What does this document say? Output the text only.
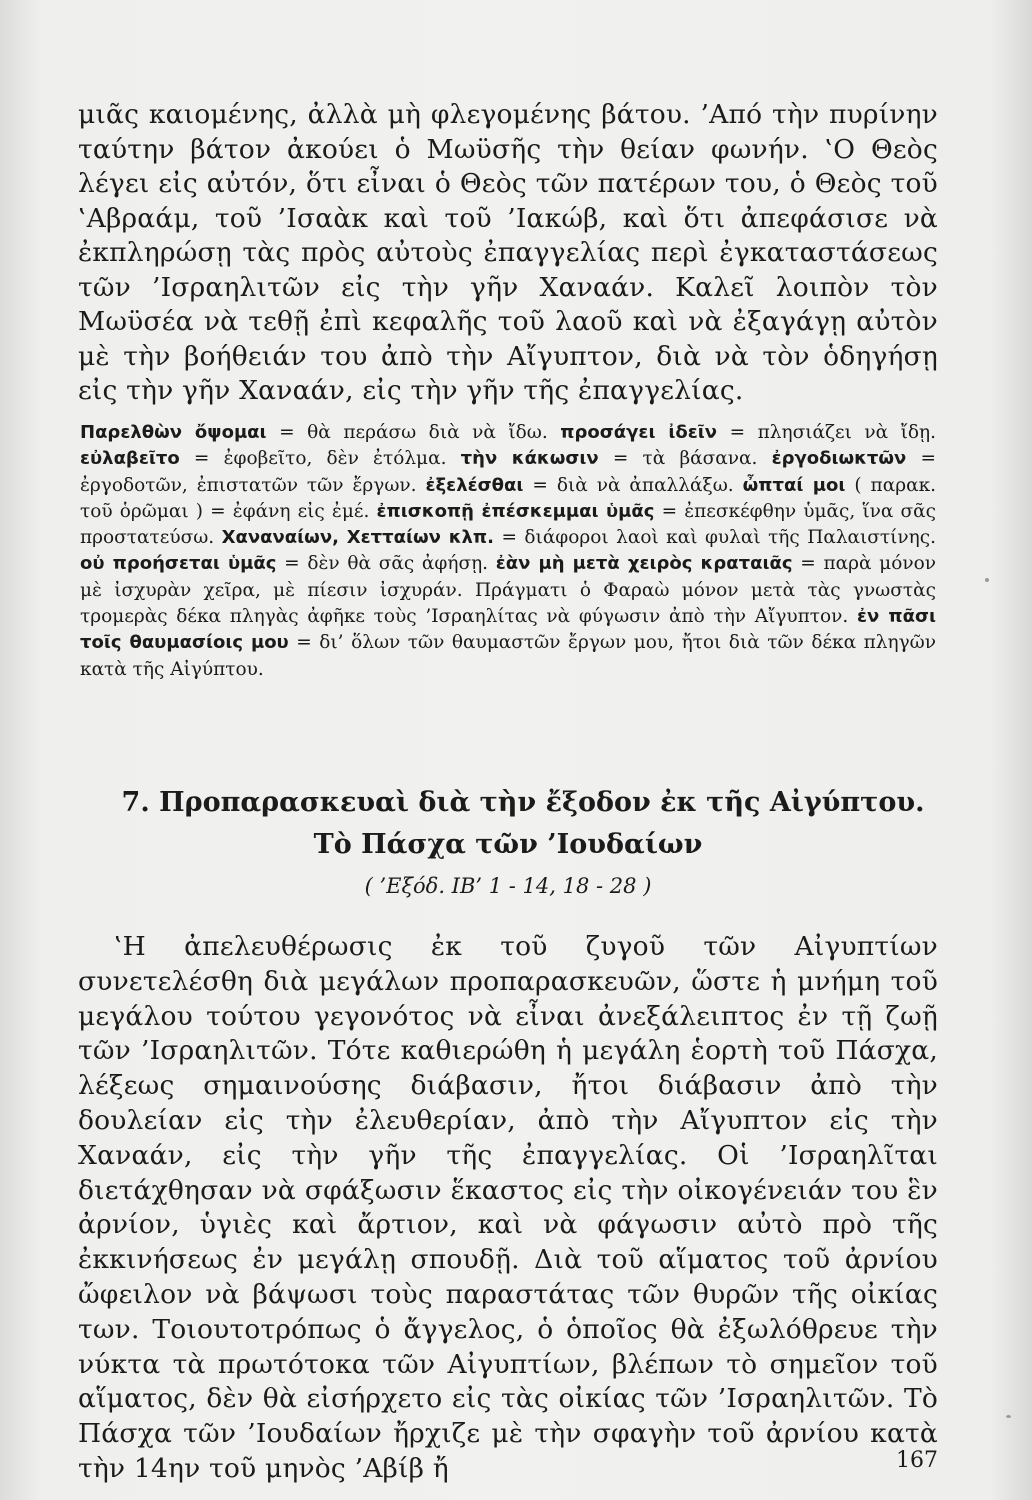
μιᾶς καιομένης, ἀλλὰ μὴ φλεγομένης βάτου. ’Από τὴν πυρίνην ταύτην βάτον ἀκούει ὁ Μωϋσῆς τὴν θείαν φωνήν. ‛Ο Θεὸς λέγει εἰς αὐτόν, ὅτι εἶναι ὁ Θεὸς τῶν πατέρων του, ὁ Θεὸς τοῦ ‛Αβραάμ, τοῦ ’Ισαὰκ καὶ τοῦ ’Ιακώβ, καὶ ὅτι ἀπεφάσισε νὰ ἐκπληρώσῃ τὰς πρὸς αὐτοὺς ἐπαγγελίας περὶ ἐγκαταστάσεως τῶν ’Ισραηλιτῶν εἰς τὴν γῆν Χαναάν. Καλεῖ λοιπὸν τὸν Μωϋσέα νὰ τεθῇ ἐπὶ κεφαλῆς τοῦ λαοῦ καὶ νὰ ἐξαγάγῃ αὐτὸν μὲ τὴν βοήθειάν του ἀπὸ τὴν Αἴγυπτον, διὰ νὰ τὸν ὁδηγήσῃ εἰς τὴν γῆν Χαναάν, εἰς τὴν γῆν τῆς ἐπαγγελίας.
Παρελθὼν ὄψομαι = θὰ περάσω διὰ νὰ ἴδω. προσάγει ἰδεῖν = πλησιάζει νὰ ἴδῃ. εὐλαβεῖτο = ἐφοβεῖτο, δὲν ἐτόλμα. τὴν κάκωσιν = τὰ βάσανα. ἐργοδιωκτῶν = ἐργοδοτῶν, ἐπιστατῶν τῶν ἔργων. ἐξελέσθαι = διὰ νὰ ἀπαλλάξω. ὦπταί μοι ( παρακ. τοῦ ὁρῶμαι ) = ἐφάνη εἰς ἐμέ. ἐπισκοπῇ ἐπέσκεμμαι ὑμᾶς = ἐπεσκέφθην ὑμᾶς, ἵνα σᾶς προστατεύσω. Χαναναίων, Χετταίων κλπ. = διάφοροι λαοὶ καὶ φυλαὶ τῆς Παλαιστίνης. οὐ προήσεται ὑμᾶς = δὲν θὰ σᾶς ἀφήσῃ. ἐὰν μὴ μετὰ χειρὸς κραταιᾶς = παρὰ μόνον μὲ ἰσχυρὰν χεῖρα, μὲ πίεσιν ἰσχυράν. Πράγματι ὁ Φαραὼ μόνον μετὰ τὰς γνωστὰς τρομερὰς δέκα πληγὰς ἀφῆκε τοὺς ’Ισραηλίτας νὰ φύγωσιν ἀπὸ τὴν Αἴγυπτον. ἐν πᾶσι τοῖς θαυμασίοις μου = δι’ ὅλων τῶν θαυμαστῶν ἔργων μου, ἤτοι διὰ τῶν δέκα πληγῶν κατὰ τῆς Αἰγύπτου.
7. Προπαρασκευαὶ διὰ τὴν ἔξοδον ἐκ τῆς Αἰγύπτου.
Τὸ Πάσχα τῶν ’Ιουδαίων
( ’Εξόδ. ΙΒ’ 1 - 14, 18 - 28 )
‛Η ἀπελευθέρωσις ἐκ τοῦ ζυγοῦ τῶν Αἰγυπτίων συνετελέσθη διὰ μεγάλων προπαρασκευῶν, ὥστε ἡ μνήμη τοῦ μεγάλου τούτου γεγονότος νὰ εἶναι ἀνεξάλειπτος ἐν τῇ ζωῇ τῶν ’Ισραηλιτῶν. Τότε καθιερώθη ἡ μεγάλη ἑορτὴ τοῦ Πάσχα, λέξεως σημαινούσης διάβασιν, ἤτοι διάβασιν ἀπὸ τὴν δουλείαν εἰς τὴν ἐλευθερίαν, ἀπὸ τὴν Αἴγυπτον εἰς τὴν Χαναάν, εἰς τὴν γῆν τῆς ἐπαγγελίας. Οἱ ’Ισραηλῖται διετάχθησαν νὰ σφάξωσιν ἕκαστος εἰς τὴν οἰκογένειάν του ἓν ἀρνίον, ὑγιὲς καὶ ἄρτιον, καὶ νὰ φάγωσιν αὐτὸ πρὸ τῆς ἐκκινήσεως ἐν μεγάλῃ σπουδῇ. Διὰ τοῦ αἵματος τοῦ ἀρνίου ὤφειλον νὰ βάψωσι τοὺς παραστάτας τῶν θυρῶν τῆς οἰκίας των. Τοιουτοτρόπως ὁ ἄγγελος, ὁ ὁποῖος θὰ ἐξωλόθρευε τὴν νύκτα τὰ πρωτότοκα τῶν Αἰγυπτίων, βλέπων τὸ σημεῖον τοῦ αἵματος, δὲν θὰ εἰσήρχετο εἰς τὰς οἰκίας τῶν ’Ισραηλιτῶν. Τὸ Πάσχα τῶν ’Ιουδαίων ἤρχιζε μὲ τὴν σφαγὴν τοῦ ἀρνίου κατὰ τὴν 14ην τοῦ μηνὸς ’Αβίβ ἤ	167
